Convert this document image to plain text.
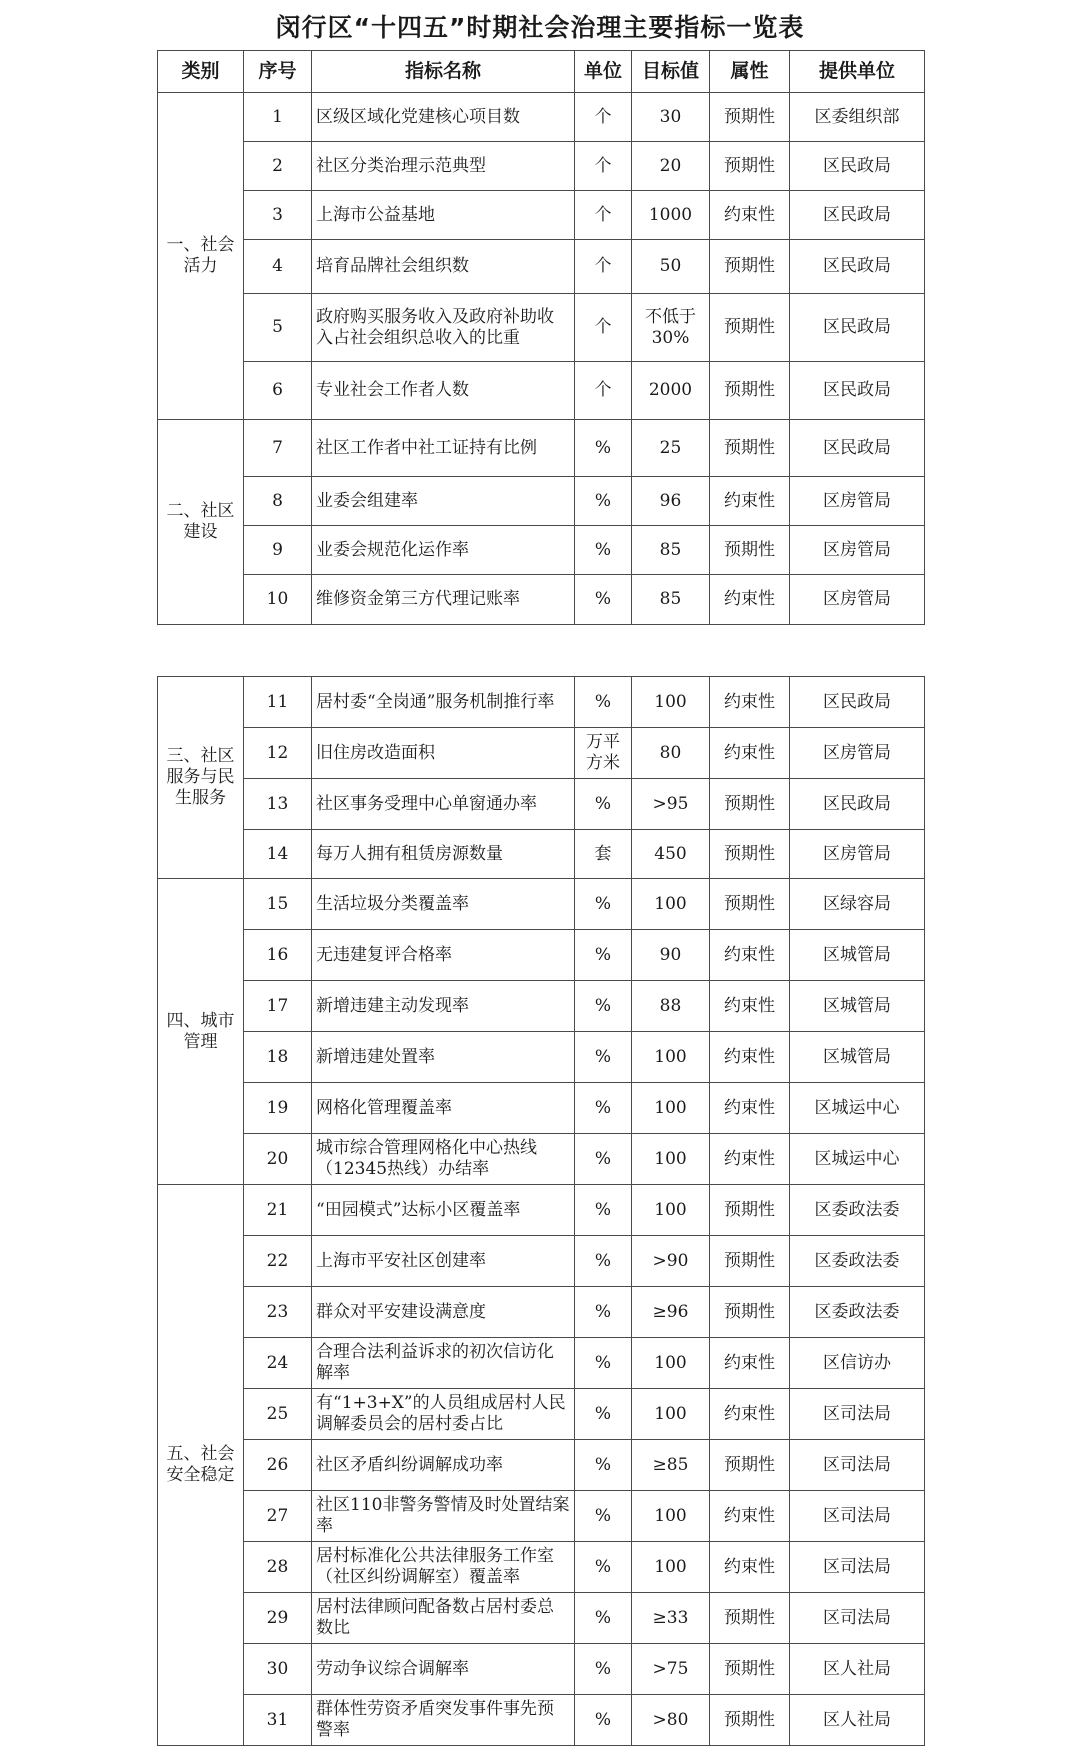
闵行区“十四五”时期社会治理主要指标一览表
类别	序号	指标名称	单位	目标值	属性	提供单位
一、社会活力	1	区级区域化党建核心项目数	个	30	预期性	区委组织部
	2	社区分类治理示范典型	个	20	预期性	区民政局
	3	上海市公益基地	个	1000	约束性	区民政局
	4	培育品牌社会组织数	个	50	预期性	区民政局
	5	政府购买服务收入及政府补助收入占社会组织总收入的比重	个	不低于30%	预期性	区民政局
	6	专业社会工作者人数	个	2000	预期性	区民政局
二、社区建设	7	社区工作者中社工证持有比例	%	25	预期性	区民政局
	8	业委会组建率	%	96	约束性	区房管局
	9	业委会规范化运作率	%	85	预期性	区房管局
	10	维修资金第三方代理记账率	%	85	约束性	区房管局
三、社区服务与民生服务	11	居村委“全岗通”服务机制推行率	%	100	约束性	区民政局
	12	旧住房改造面积	万平方米	80	约束性	区房管局
	13	社区事务受理中心单窗通办率	%	>95	预期性	区民政局
	14	每万人拥有租赁房源数量	套	450	预期性	区房管局
四、城市管理	15	生活垃圾分类覆盖率	%	100	预期性	区绿容局
	16	无违建复评合格率	%	90	约束性	区城管局
	17	新增违建主动发现率	%	88	约束性	区城管局
	18	新增违建处置率	%	100	约束性	区城管局
	19	网格化管理覆盖率	%	100	约束性	区城运中心
	20	城市综合管理网格化中心热线（12345热线）办结率	%	100	约束性	区城运中心
五、社会安全稳定	21	“田园模式”达标小区覆盖率	%	100	预期性	区委政法委
	22	上海市平安社区创建率	%	>90	预期性	区委政法委
	23	群众对平安建设满意度	%	≥96	预期性	区委政法委
	24	合理合法利益诉求的初次信访化解率	%	100	约束性	区信访办
	25	有“1+3+X”的人员组成居村人民调解委员会的居村委占比	%	100	约束性	区司法局
	26	社区矛盾纠纷调解成功率	%	≥85	预期性	区司法局
	27	社区110非警务警情及时处置结案率	%	100	约束性	区司法局
	28	居村标准化公共法律服务工作室（社区纠纷调解室）覆盖率	%	100	约束性	区司法局
	29	居村法律顾问配备数占居村委总数比	%	≥33	预期性	区司法局
	30	劳动争议综合调解率	%	>75	预期性	区人社局
	31	群体性劳资矛盾突发事件事先预警率	%	>80	预期性	区人社局
